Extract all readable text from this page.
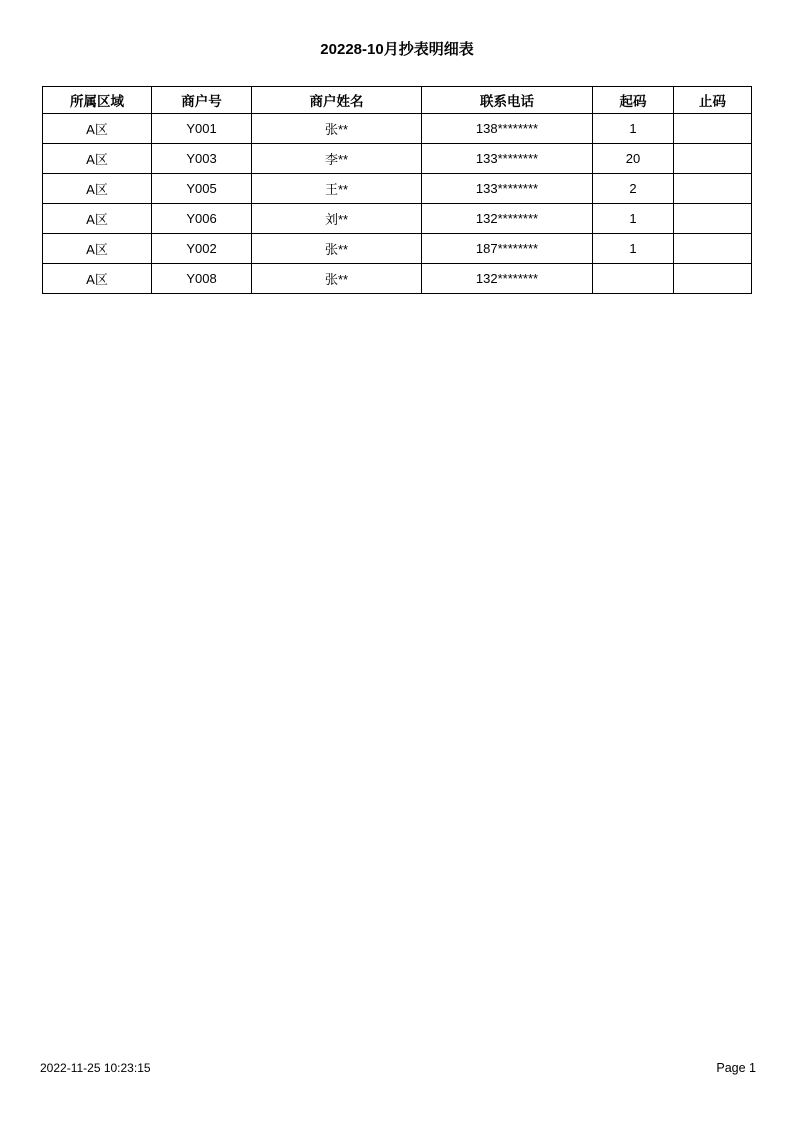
20228-10月抄表明细表
所属区域	商户号	商户姓名	联系电话	起码	止码
A区	Y001	张**	138********	1	
A区	Y003	李**	133********	20	
A区	Y005	王**	133********	2	
A区	Y006	刘**	132********	1	
A区	Y002	张**	187********	1	
A区	Y008	张**	132********		
2022-11-25 10:23:15	Page 1
